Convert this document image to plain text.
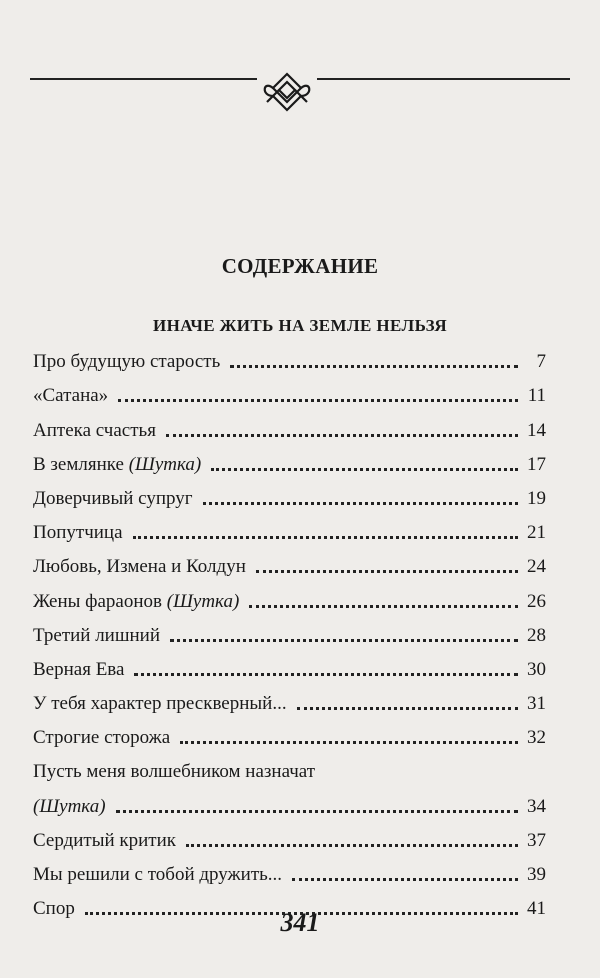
СОДЕРЖАНИЕ
ИНАЧЕ ЖИТЬ НА ЗЕМЛЕ НЕЛЬЗЯ
Про будущую старость	7
«Сатана»	11
Аптека счастья	14
В землянке (Шутка)	17
Доверчивый супруг	19
Попутчица	21
Любовь, Измена и Колдун	24
Жены фараонов (Шутка)	26
Третий лишний	28
Верная Ева	30
У тебя характер прескверный...	31
Строгие сторожа	32
Пусть меня волшебником назначат
(Шутка)	34
Сердитый критик	37
Мы решили с тобой дружить...	39
Спор	41
341
